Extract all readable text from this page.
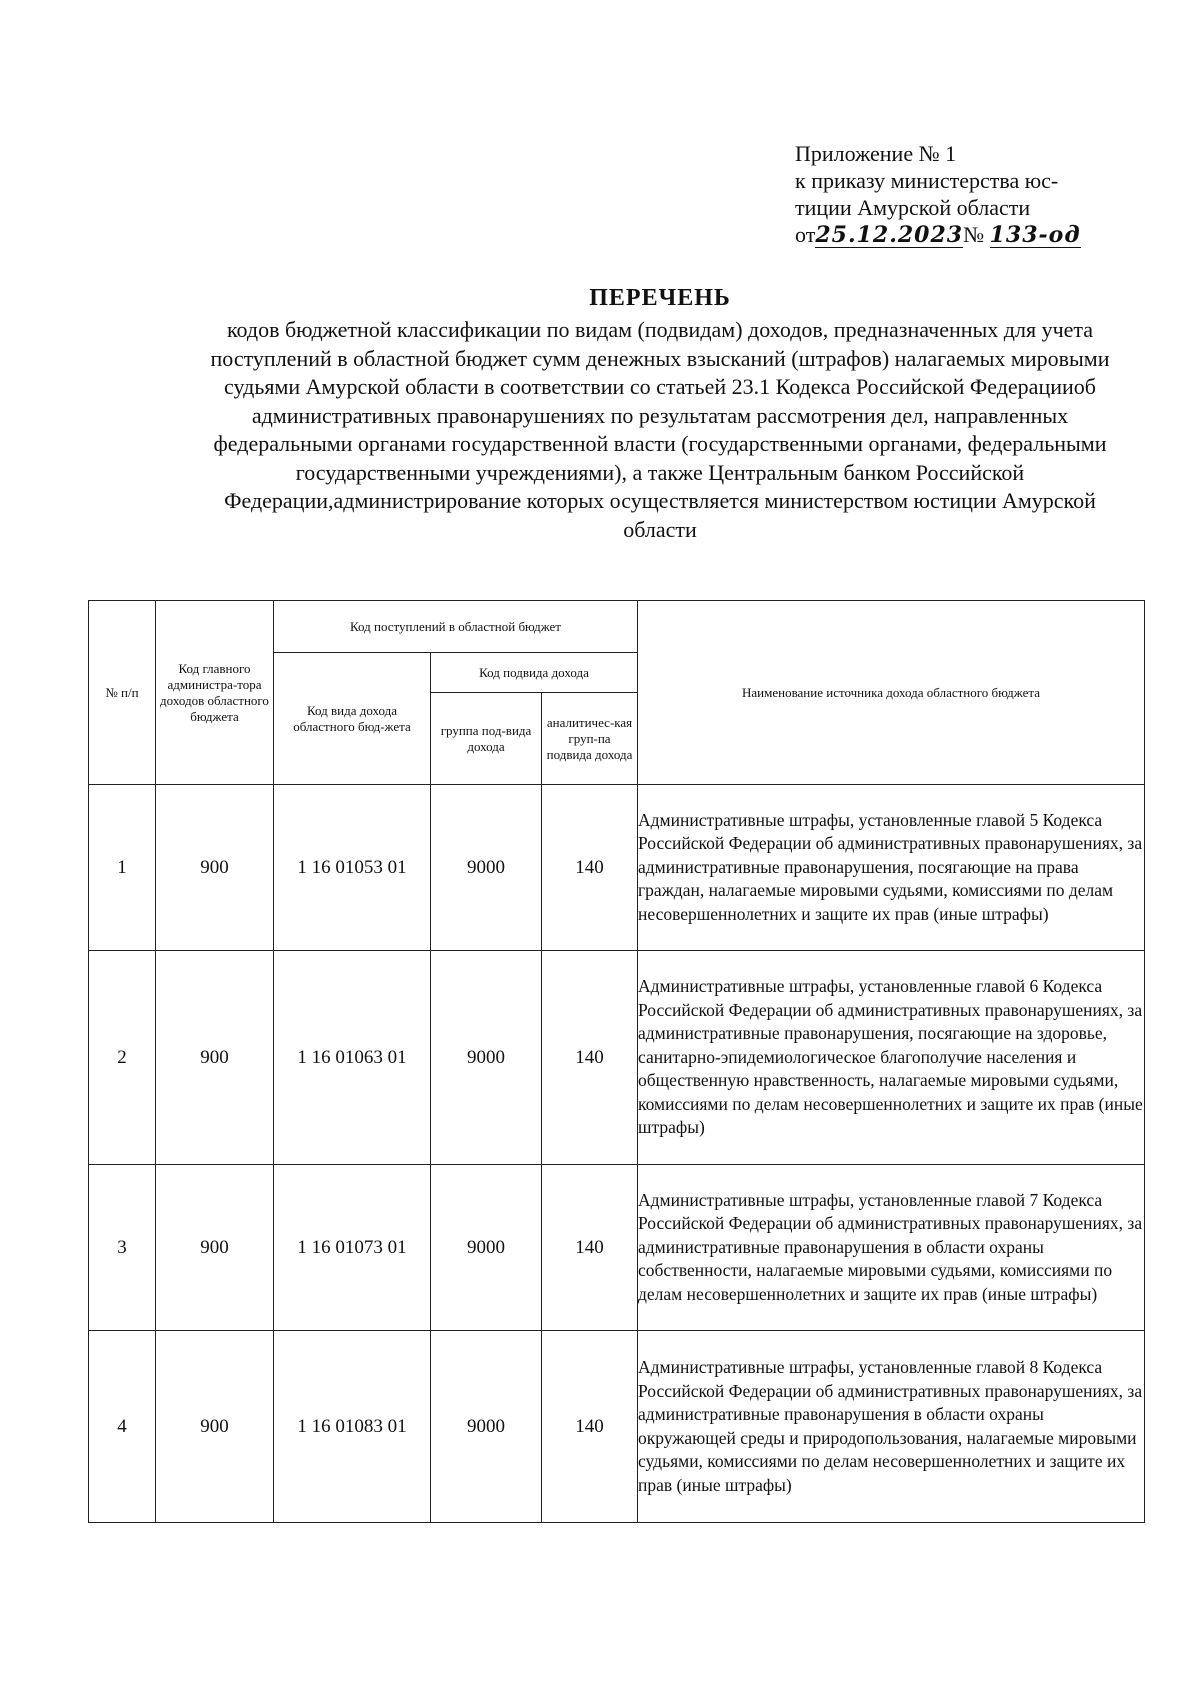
Приложение № 1
к приказу министерства юс-
тиции Амурской области
от25.12.2023№ 133-од
ПЕРЕЧЕНЬ
кодов бюджетной классификации по видам (подвидам) доходов, предназначенных для учета поступлений в областной бюджет сумм денежных взысканий (штрафов) налагаемых мировыми судьями Амурской области в соответствии со статьей 23.1 Кодекса Российской Федерацииоб административных правонарушениях по результатам рассмотрения дел, направленных федеральными органами государственной власти (государственными органами, федеральными государственными учреждениями), а также Центральным банком Российской Федерации,администрирование которых осуществляется министерством юстиции Амурской области
№ п/п	Код главного администра-тора доходов областного бюджета	Код поступлений в областной бюджет			Наименование источника дохода областного бюджета
		Код вида дохода областного бюд-жета	Код подвида дохода		
			группа под-вида дохода	аналитичес-кая груп-па подвида дохода	
1	900	1 16 01053 01	9000	140	Административные штрафы, установленные главой 5 Кодекса Российской Федерации об административных правонарушениях, за административные правонарушения, посягающие на права граждан, налагаемые мировыми судьями, комиссиями по делам несовершеннолетних и защите их прав (иные штрафы)
2	900	1 16 01063 01	9000	140	Административные штрафы, установленные главой 6 Кодекса Российской Федерации об административных правонарушениях, за административные правонарушения, посягающие на здоровье, санитарно-эпидемиологическое благополучие населения и общественную нравственность, налагаемые мировыми судьями, комиссиями по делам несовершеннолетних и защите их прав (иные штрафы)
3	900	1 16 01073 01	9000	140	Административные штрафы, установленные главой 7 Кодекса Российской Федерации об административных правонарушениях, за административные правонарушения в области охраны собственности, налагаемые мировыми судьями, комиссиями по делам несовершеннолетних и защите их прав (иные штрафы)
4	900	1 16 01083 01	9000	140	Административные штрафы, установленные главой 8 Кодекса Российской Федерации об административных правонарушениях, за административные правонарушения в области охраны окружающей среды и природопользования, налагаемые мировыми судьями, комиссиями по делам несовершеннолетних и защите их прав (иные штрафы)
